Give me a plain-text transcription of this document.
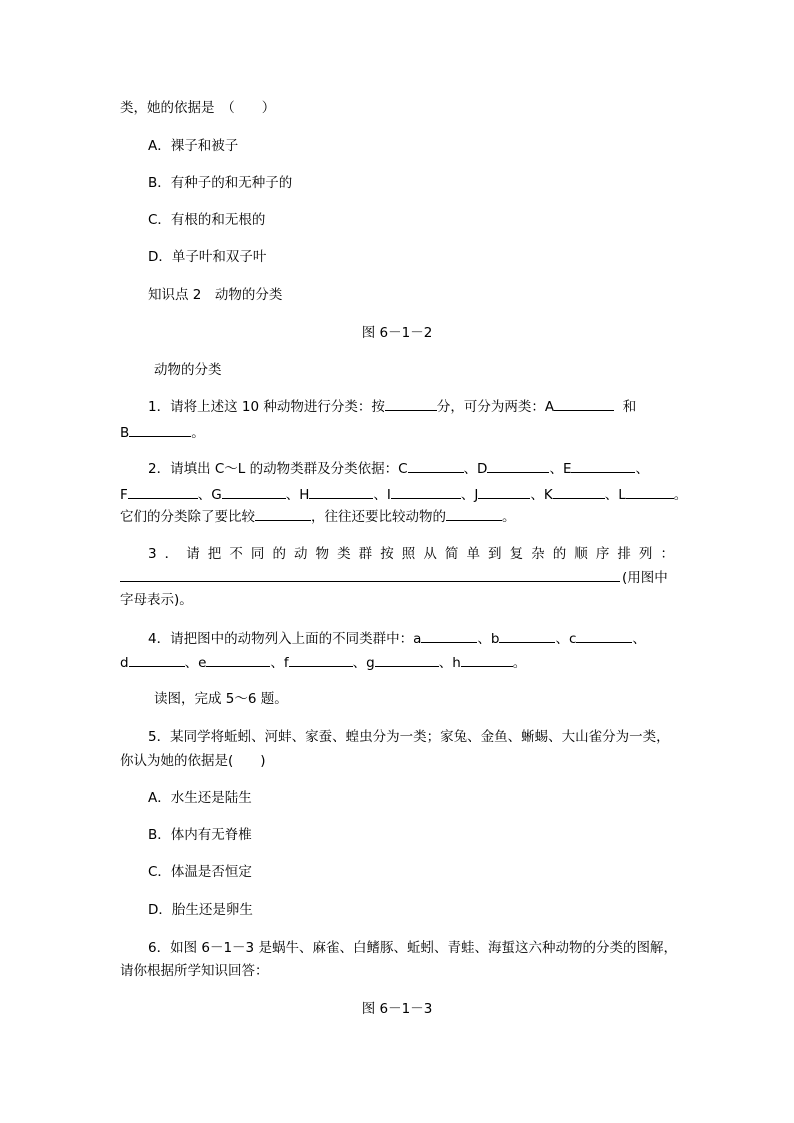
类，她的依据是　（　　）
A．裸子和被子
B．有种子的和无种子的
C．有根的和无根的
D．单子叶和双子叶
知识点 2　动物的分类
图 6－1－2
动物的分类
1．请将上述这 10 种动物进行分类：按	分，可分为两类：A	和
B	。
2．请填出 C～L 的动物类群及分类依据：C	、D	、E	、
F	、G	、H	、I	、J	、K	、L	。
它们的分类除了要比较	，往往还要比较动物的	。
3．请把不同的动物类群按照从简单到复杂的顺序排列：
(用图中
字母表示)。
4．请把图中的动物列入上面的不同类群中：a	、b	、c	、
d	、e	、f	、g	、h	。
读图，完成 5～6 题。
5．某同学将蚯蚓、河蚌、家蚕、蝗虫分为一类；家兔、金鱼、蜥蜴、大山雀分为一类，
你认为她的依据是(　　)
A．水生还是陆生
B．体内有无脊椎
C．体温是否恒定
D．胎生还是卵生
6．如图 6－1－3 是蜗牛、麻雀、白鳍豚、蚯蚓、青蛙、海蜇这六种动物的分类的图解，
请你根据所学知识回答：
图 6－1－3
